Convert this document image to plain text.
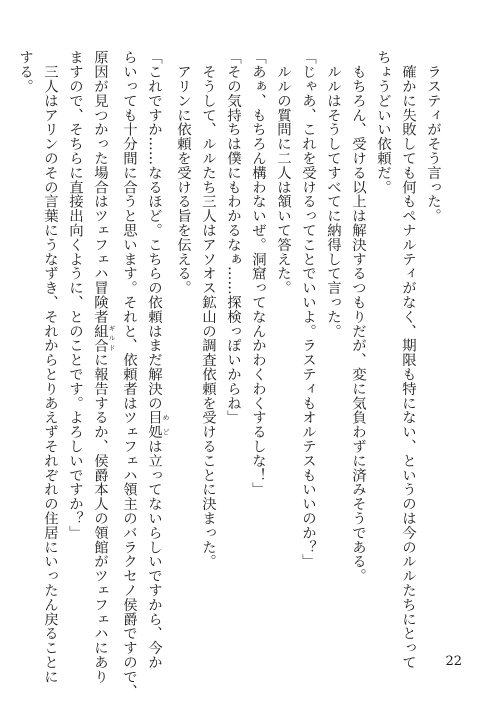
　ラスティがそう言った。
　確かに失敗しても何もペナルティがなく、期限も特にない、というのは今のルルたちにとって
ちょうどいい依頼だ。
　もちろん、受ける以上は解決するつもりだが、変に気負わずに済みそうである。
　ルルはそうしてすべてに納得して言った。
「じゃあ、これを受けるってことでいいよ。ラスティもオルテスもいいのか？」
　ルルの質問に二人は頷いて答えた。
「あぁ、もちろん構わないぜ。洞窟ってなんかわくわくするしな！」
「その気持ちは僕にもわかるなぁ……探検っぽいからね」
　そうして、ルルたち三人はアソオス鉱山の調査依頼を受けることに決まった。
　アリンに依頼を受ける旨を伝える。
「これですか……なるほど。こちらの依頼はまだ解決の目処 めどは立ってないらしいですから、今か
らいっても十分間に合うと思います。それと、依頼者はツェフェハ領主のバラクセノ侯爵ですので、
原因が見つかった場合はツェフェハ冒険者組合 ギルドに報告するか、侯爵本人の領館がツェフェハにあり
ますので、そちらに直接出向くように、とのことです。よろしいですか？」
　三人はアリンのその言葉にうなずき、それからとりあえずそれぞれの住居にいったん戻ることに
する。
22
